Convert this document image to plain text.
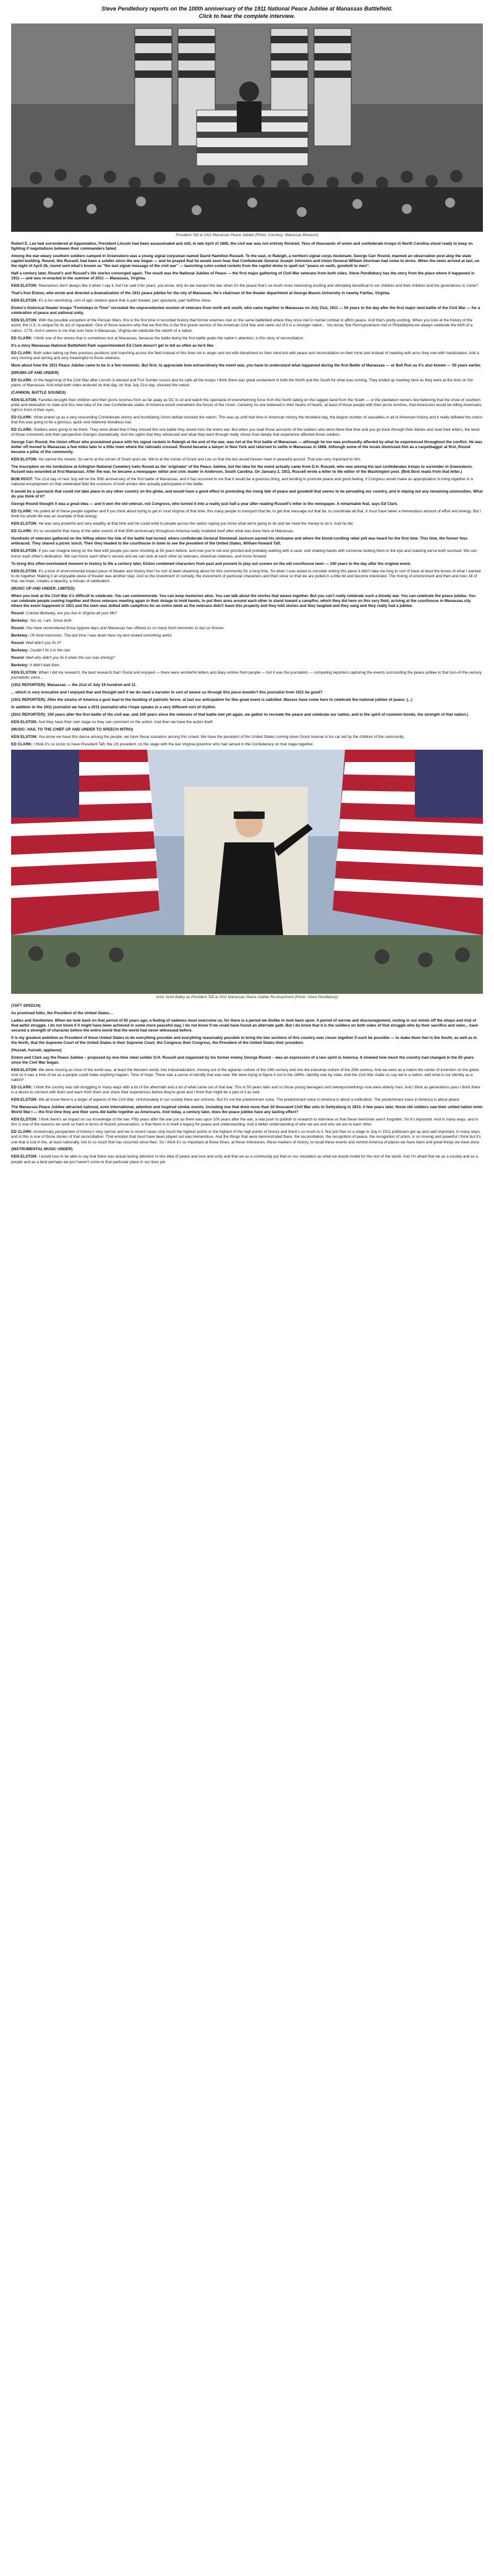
Steve Pendlebury reports on the 100th anniversary of the 1911 National Peace Jubilee at Manassas Battlefield.
Click to hear the complete interview.
President Taft at 1911 Manassas Peace Jubilee (Photo: Courtesy: Manassas Museum)
Robert E. Lee had surrendered at Appomattox, President Lincoln had been assassinated and still, in late April of 1865, the civil war was not entirely finished. Tens of thousands of union and confederate troops in North Carolina stood ready to keep on fighting if negotiations between their commanders failed.
Among the war-weary southern soldiers camped in Greensboro was a young signal corpsman named David Hamilton Russell. To the east, in Raleigh, a northern signal corps lieutenant, George Carr Round, manned an observation post atop the state capitol building. Round, like Russell, had been a soldier since the war began — and he prayed that he would soon hear that Confederate General Joseph Johnston and Union General William Sherman had come to terms. When the news arrived at last, on the night of April 26, round sent what's known as "the last signal message of the civil war" — launching color-coded rockets from the capitol dome to spell out "peace on earth, goodwill to men".
Half a century later, Round's and Russell's life stories converged again. The result was the National Jubilee of Peace — the first major gathering of Civil War veterans from both sides. Steve Pendlebury has the story from the place where it happened in 1911 — and was re-enacted in the summer of 2011 — Manassas, Virginia.
KEN ELSTON: Reenactors don't always like it when I say it, but I've said it for years, you know, why do we reenact the war when it's the peace that's so much more interesting exciting and ultimately beneficial to our children and their children and the generations to come?
That's Ken Elston, who wrote and directed a dramatization of the 1911 peace jubilee for the city of Manassas. He's chairman of the theater department at George Mason University in nearby Fairfax, Virginia.
KEN ELSTON: It's a fun reenlisting, sort of epic outdoor piece that is part theater, part spectacle, part halftime show.
Elston's historical theater troupe "Footsteps in Time" recreated the unprecedented reunion of veterans from north and south, who came together in Manassas on July 21st, 1911 — 50 years to the day after the first major land battle of the Civil War — for a celebration of peace and national unity.
KEN ELSTON: With the possible exception of the Persian Wars, this is the first time in recorded history that former enemies met on the same battlefield where they once met in mortal combat to affirm peace. And that's pretty exciting. When you look at the history of the world, the U.S. is unique for its act of reparation. One of those reasons why that we find this is the first grand reunion of the American Civil War and came out of it is a stronger nation... You know, five Pennsylvanians met in Philadelphia we always celebrate the birth of a nation, 1776. And it seems to me that over here in Manassas, Virginia we celebrate the rebirth of a nation.
ED CLARK: I think one of the stories that is sometimes lost at Manassas, because the battle being the first battle grabs the nation's attention, is this story of reconciliation.
It's a story Manassas National Battlefield Park superintendent Ed Clark doesn't get to tell as often as he'd like.
ED CLARK: Both sides taking up their previous positions and marching across the field instead of this time not in anger and not with bloodshed on their mind but with peace and reconciliation on their mind and instead of meeting with arms they met with handshakes. And a very moving and stirring and very meaningful to those veterans.
More about how the 1911 Peace Jubilee came to be in a few moments. But first, to appreciate how extraordinary the event was, you have to understand what happened during the first Battle of Manassas — or Bull Run as it's also known — 50 years earlier.
(DRUMS UP AND UNDER)
ED CLARK: At the beginning of the Civil War after Lincoln is elected and Fort Sumter occurs and he calls all the troops I think there was great excitement in both the North and the South for what was coming. They ended up meeting here as they were at the time on the plains of Manassas. And what both sides endured on that day, on that July 21st day, shocked the nation.
(CANNON, BATTLE SOUNDS)
KEN ELSTON: Families brought their children and their picnic lunches from as far away as DC to sit and watch the spectacle of overwhelming force from the North taking on the ragged band from the South — or the plantation owners few believing that the show of southern pride and dedication to state and this new idea of the new Confederate states of America would overwhelm the forces of the Union. Certainly no one believed in their hearts of hearts, at least of those people with their picnic lunches, that Americans would be killing Americans right in front of their eyes.
ED CLARK: What ended up as a very resounding Confederate victory and humiliating Union defeat shocked the nation. This was up until that time in American history the bloodiest day, the largest number of casualties in all of American history and it really deflated the notion that this was going to be a glorious, quick and relatively bloodless war.
ED CLARK: Soldiers were going to be there. They were afraid that if they missed this one battle they would miss the entire war. But when you read those accounts of the soldiers who were there that time and you go back through their diaries and read their letters, the tenor of those comments and their perspective changes dramatically. And the sights that they witnessed and what they went through really shows how deeply that experience affected those soldiers.
George Carr Round, the Union officer who proclaimed peace with his signal rockets in Raleigh at the end of the war, was not at the first battle of Manassas — although he too was profoundly affected by what he experienced throughout the conflict. He was better off moved to Manassas a few miles later to a little town where the railroads crossed. Round became a lawyer in New York and returned to settle in Manassas in 1868. Although some of the locals dismissed him as a carpetbagger at first, Round became a pillar of the community.
KEN ELSTON: He named the streets. So we're at the corner of Grant and Lee. We're at the corner of Grant and Lee so that the two would forever meet in peaceful accord. That was very important to him.
The inscription on his tombstone at Arlington National Cemetery hails Round as the 'originator' of the Peace Jubilee, but the idea for the event actually came from D.H. Russell, who was among the last confederates troops to surrender in Greensboro. Russell was wounded at first Manassas. After the war, he became a newspaper editor and civic leader in Anderson, South Carolina. On January 2, 1911, Russell wrote a letter to the editor of the Washington post. (Bob Bost reads from that letter.)
BOB ROOT: The 21st day of next July will be the 50th anniversary of the first battle of Manassas, and it has occurred to me that it would be a gracious thing, and tending to promote peace and good feeling, if Congress would make an appropriation to bring together in a national encampment on that celebrated field the survivors of both armies who actually participated in the battle.
It would be a spectacle that could not take place in any other country on the globe, and would have a good effect in promoting the rising tide of peace and goodwill that seems to be pervading our country, and in wiping out any remaining animosities. What do you think of it?
George Round thought it was a great idea — and it won the old veteran, not Congress, who turned it into a reality just half a year after reading Russell's letter in the newspaper. A remarkable feat, says Ed Clark.
ED CLARK: He pulled all of these people together and if you think about trying to get in rural Virginia of that time, this many people to transport that far, to get that message out that far, to coordinate all that. It must have taken a tremendous amount of effort and energy. But I think his whole life was an example of that energy.
KEN ELSTON: He was very powerful and very wealthy at that time and he could write to people across the nation saying you know what we're going to do and we need the money to do it. And he did.
ED CLARK: It's so wonderful that many of the latter events of that 50th anniversary throughout America really modeled itself after what was done here at Manassas.
Hundreds of veterans gathered on the hilltop where the tide of the battle had turned, where confederate General Stonewall Jackson earned his nickname and where the blood-curdling rebel yell was heard for the first time. This time, the former foes embraced. They shared a picnic lunch. Then they headed to the courthouse in town to see the president of the United States, William Howard Taft.
KEN ELSTON: If you can imagine being on the field with people you were shooting at 50 years before, and now you're old and grizzled and probably walking with a cane, and shaking hands with someone looking them in the eye and realizing we've both survived. We can honor each other's dedication. We can honor each other's service and we can look at each other as veterans, American veterans, and move forward.
To bring this often-overlooked moment in history to life a century later, Elston combined characters from past and present to play out scenes on the old courthouse lawn — 100 years to the day after the original event.
KEN ELSTON: It's a kind of environmental impact piece of theater and history that I've sort of been dreaming about for this community for a long time. So when I was asked to consider writing this piece it didn't take me long to sort of have at least the bones of what I wanted to do together. Making it an enjoyable piece of theater was another step. And so the investment of comedy, the investment of particular characters and their voice so that we are pulled in a little bit and become interested. The mixing of environment and then and now. All of that, we hope, creates a tapestry, a mosaic of celebration.
(MUSIC UP AND UNDER, LIMITED)
When you look at the Civil War it's difficult to celebrate. You can commemorate. You can keep memories alive. You can talk about the stories that weave together. But you can't really celebrate such a bloody war. You can celebrate the peace jubilee. You can celebrate people coming together and those veterans meeting again in their dotage to hold hands, to put their arms around each other to stand toward a campfire, which they did here on this very field, arriving at the courthouse in Manassas city where the event happened in 1911 and the lawn was dotted with campfires for an entire week as the veterans didn't leave this property and they told stories and they laughed and they sang and they really had a jubilee.
Round: Colonel Berkeley, are you live in Virginia all your life?
Berkeley: Yes sir, I am. Since birth.
Round: You have remembered those bygone days and Manassas has offered us so many fond memories to last us forever.
Berkeley: Oh fond memories. The last time I was down here my tent looked something awful.
Round: Well didn't you fix it?
Berkeley: Couldn't fix it in the rain.
Round: Well why didn't you fix it when the sun was shining?
Berkeley: It didn't leak then.
KEN ELSTON: When I did my research, the best research that I found and enjoyed — there were wonderful letters and diary entries from people — but it was the journalists — competing reporters capturing the events surrounding the peace jubilee in that turn-of-the-century journalistic voice...
(1911 REPORTER): Manassas — the 21st of July 19 hundred and 11.
... which is very evocative and I enjoyed that and thought well if we do need a narrator to sort of weave us through this piece wouldn't this journalist from 1911 be good?
(1911 REPORTER): After the strains of America a gust lead to the bustling of patriotic fervor, at last our anticipation for this great event is satisfied. Masses have come here to celebrate the national jubilee of peace. (...)
In addition to the 1911 journalist we have a 2011 journalist who I hope speaks in a very different sort of rhythm.
(2011 REPORTER): 150 years after the first battle of the civil war, and 100 years since the veterans of that battle met yet again, we gather to recreate the peace and celebrate our nation, and in the spirit of common bonds, the strength of that nation.)
KEN ELSTON: And they have their own stage so they can comment on the action. And then we have the action itself.
(MUSIC: HAIL TO THE CHIEF UP AND UNDER TO SPEECH INTRO)
KEN ELSTON: You know we have this dance among the people, we have these scenarios among this crowd. We have the president of the United States coming down Grant Avenue in his car led by the children of the community.
ED CLARK: I think it's so iconic to have President Taft, the US president, on the stage with the last Virginia governor who had served in the Confederacy on that stage together.
Actor Scott Bailey as President Taft at 2011 Manassas Peace Jubilee Re-enactment (Photo: Steve Pendlebury)
(TAFT SPEECH)
As promised folks, the President of the United States…
Ladies and Gentlemen. When we look back on that period of 50 years ago, a feeling of sadness must overcome us, for there is a period we dislike to look back upon. A period of sorrow and discouragement, resting in our minds off the shops and trial of that awful struggle. I do not know if it might have been achieved in some more peaceful way, I do not know if we could have found an alternate path. But I do know that it is the soldiers on both sides of that struggle who by their sacrifice and valor... have secured a strength of character before the entire world that the world had never witnessed before.
It is my greatest ambition as President of these United States to do everything possible and everything reasonably possible to bring the two sections of this country ever closer together if such be possible — to make them feel in the South, as well as in the North, that the Supreme Court of the United States is their Supreme Court, the Congress their Congress, the President of the United States their president.
(Huzzah, huzzah, applause)
Elston and Clark say the Peace Jubilee – proposed by one-time rebel soldier D.H. Russell and organized by his former enemy George Round – was an expression of a rare spirit in America. It showed how much the country had changed in the 50 years since the Civil War began.
KEN ELSTON: We were moving as most of the world was, at least the Western world, into industrialization, moving out of the agrarian culture of the 19th century and into the industrial culture of the 20th century. And we were as a nation the center of invention on the globe. And so it was a time of we as a people could make anything happen. Time of hope. There was a sense of identity that was new. We were trying to figure it out in the 1860s. Identity was by state. And the Civil War made us say we're a nation, well what is our identity as a nation?
ED CLARK: I think the country was still struggling in many ways with a lot of the aftermath and a lot of what came out of that war. This is 50 years later and so those young teenagers and twentysomethings now were elderly men. And I think as generations pass I think there is a desire to connect with them and learn from them and share their experiences before they're gone and I think that might be a part of it as well.
KEN ELSTON: We all know there is a larger of aspects of the Civil War. Unfortunately in our society there are schisms. But it's not the predominant voice. The predominant voice in America is about a unification. The predominant voice in America is about peace.
The Manassas Peace Jubilee attracted national, even international, attention and inspired similar events, including one that drew more than 50 thousand Civil War vets to Gettysburg in 1913. A few years later, those old soldiers saw their united nation enter World War I — the first time they and their sons did battle together as Americans. And today, a century later, does the peace jubilee have any lasting effect?
KEN ELSTON: I think there's an impact on our knowledge of the war. Fifty years after the war just as there was upon 100 years after the war, a real push to publish to research to interview so that these memories aren't forgotten. So it's important. And in many ways, and in this is one of the reasons we work so hard in terms of historic preservation, is that there is in itself a legacy for peace and understanding. And a better understanding of who we are and who we are to each other.
ED CLARK: Anniversary perspective of history's very narrow and we in recent cases only touch the highest points or the highest of the high points of history and there's so much to it. Not just that on a stage in July in 1911 politicians got up and said important, in many ways, and in this is one of those stories of that reconciliation. That emotion that must have been played out was tremendous. And the things that were demonstrated there, the reconciliation, the recognition of peace, the recognition of union, is so moving and powerful I think but it's one that is lost in the, at least nationally, lost to so much that has occurred since then. So I think it's so important at these times, at these milestones, these markers of history, to recall these events and remind America of places we have been and great things we have done.
(INSTRUMENTAL MUSIC UNDER)
KEN ELSTON: I would love to be able to say that there was actual lasting attention to this idea of peace and love and unity and that we as a community put that on our shoulders as what we would model for the rest of the world. And I'm afraid that we as a society and as a people and as a land perhaps we just haven't come to that particular place in our lives yet.
